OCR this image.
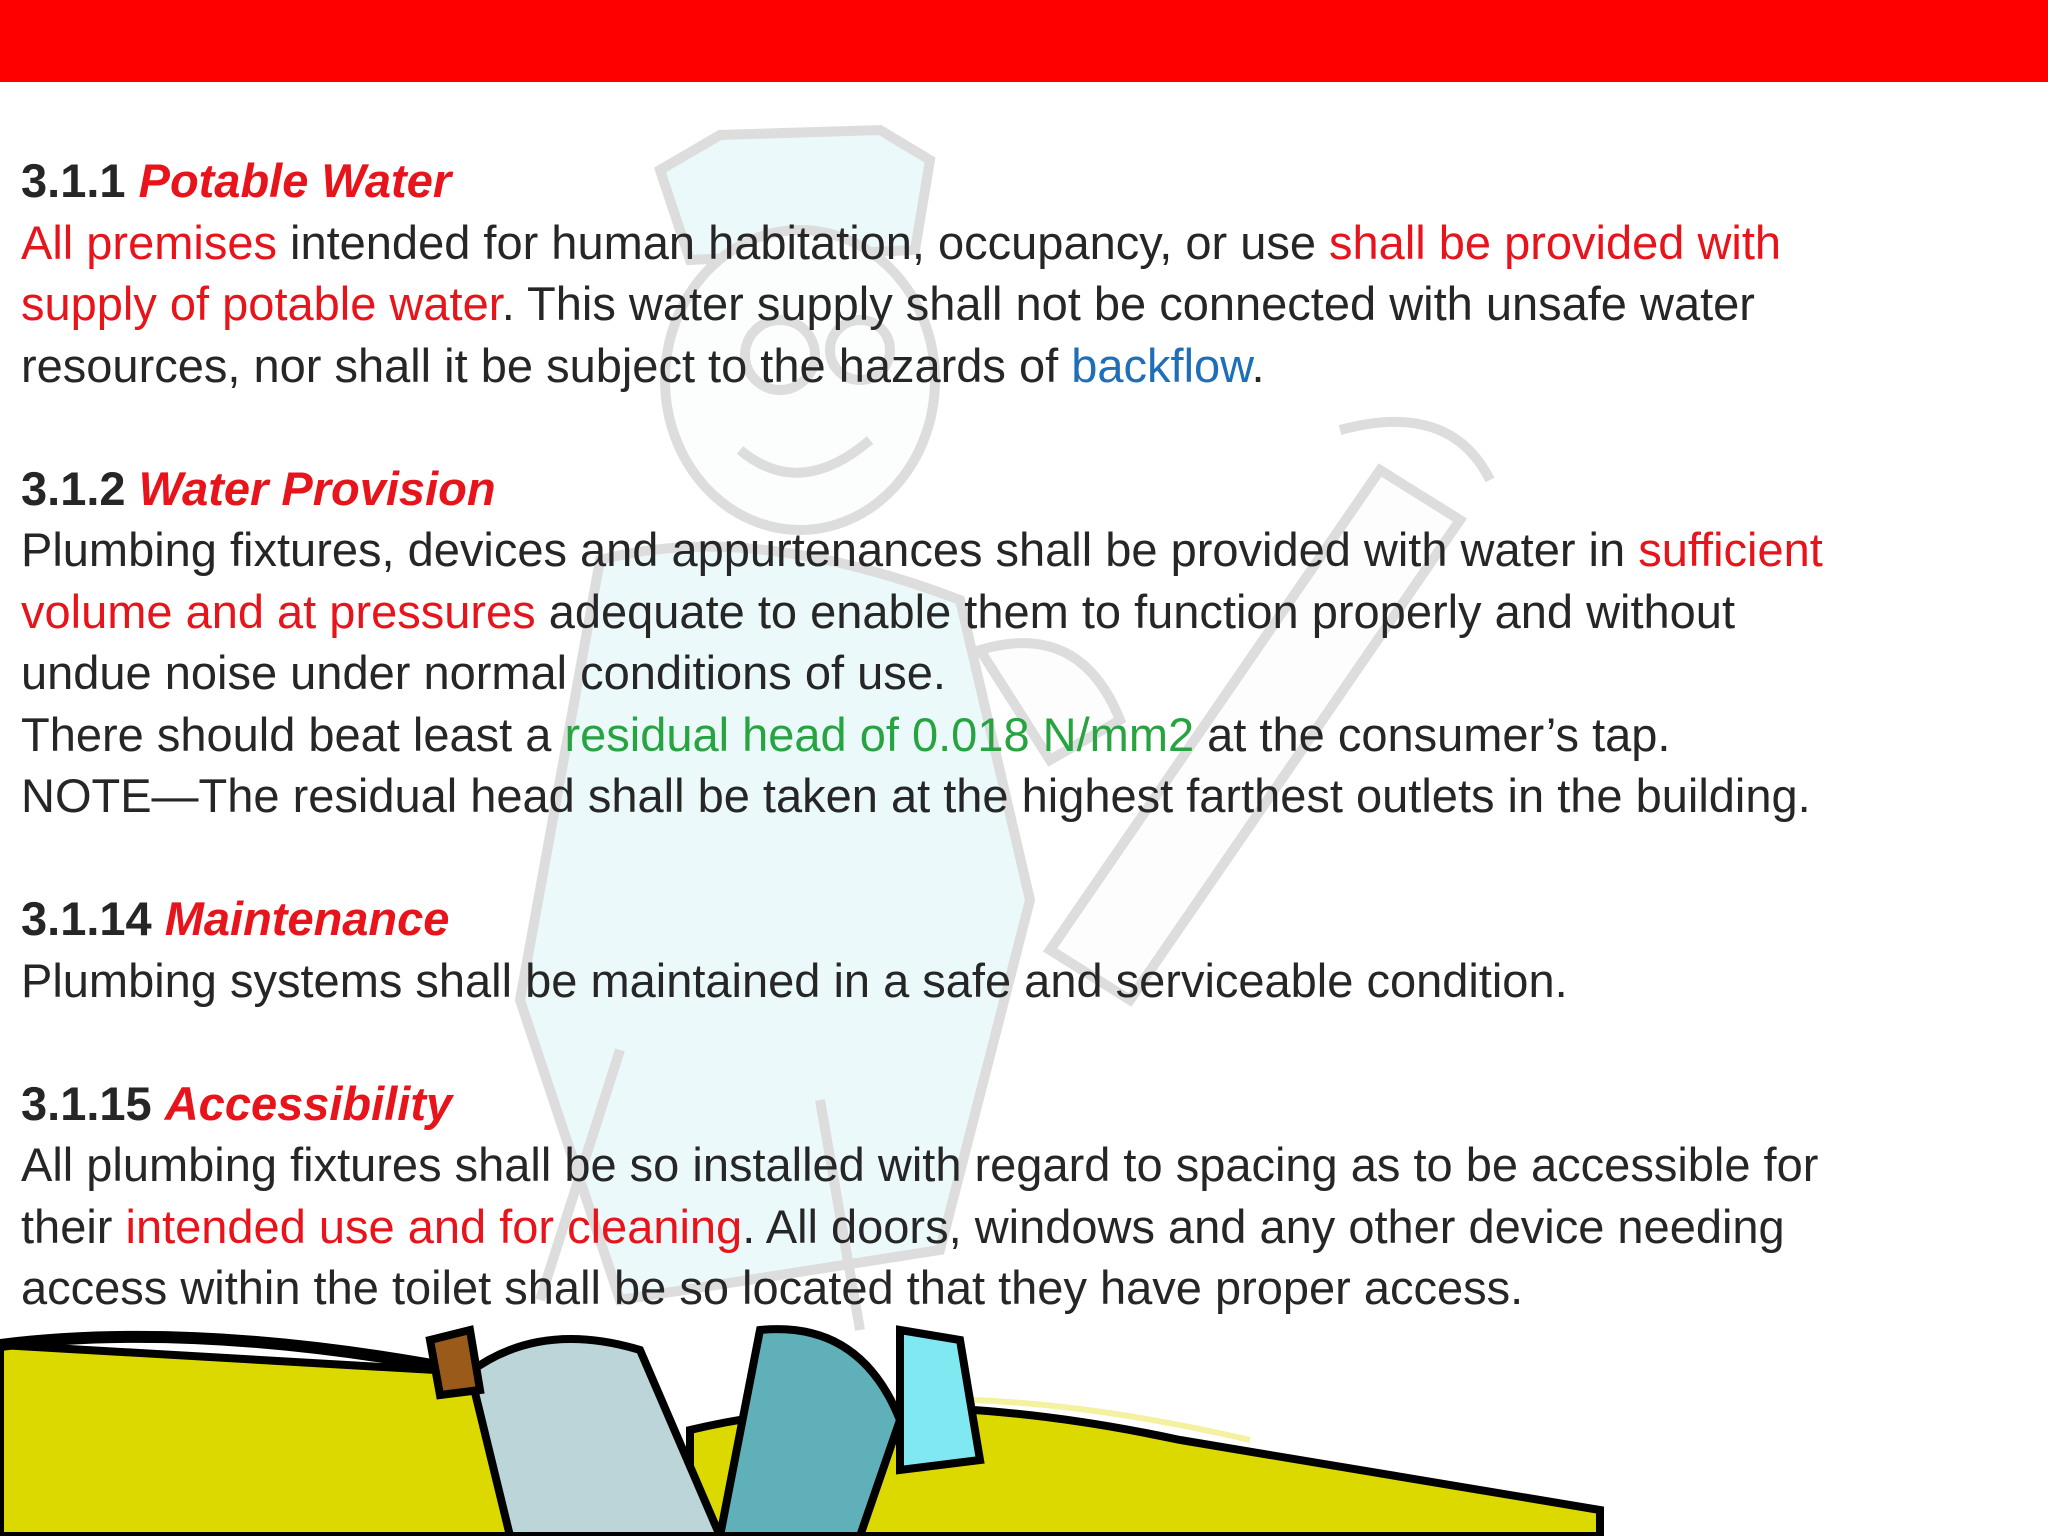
3.1.1 Potable Water

All premises intended for human habitation, occupancy, or use shall be provided with

supply of potable water. This water supply shall not be connected with unsafe water

resources, nor shall it be subject to the hazards of backflow.

3.1.2 Water Provision

Plumbing fixtures, devices and appurtenances shall be provided with water in sufficient

volume and at pressures adequate to enable them to function properly and without

undue noise under normal conditions of use.

There should beat least a residual head of 0.018 N/mm2 at the consumer’s tap.

NOTE—The residual head shall be taken at the highest farthest outlets in the building.

3.1.14 Maintenance

Plumbing systems shall be maintained in a safe and serviceable condition.

3.1.15 Accessibility

All plumbing fixtures shall be so installed with regard to spacing as to be accessible for

their intended use and for cleaning. All doors, windows and any other device needing

access within the toilet shall be so located that they have proper access.
